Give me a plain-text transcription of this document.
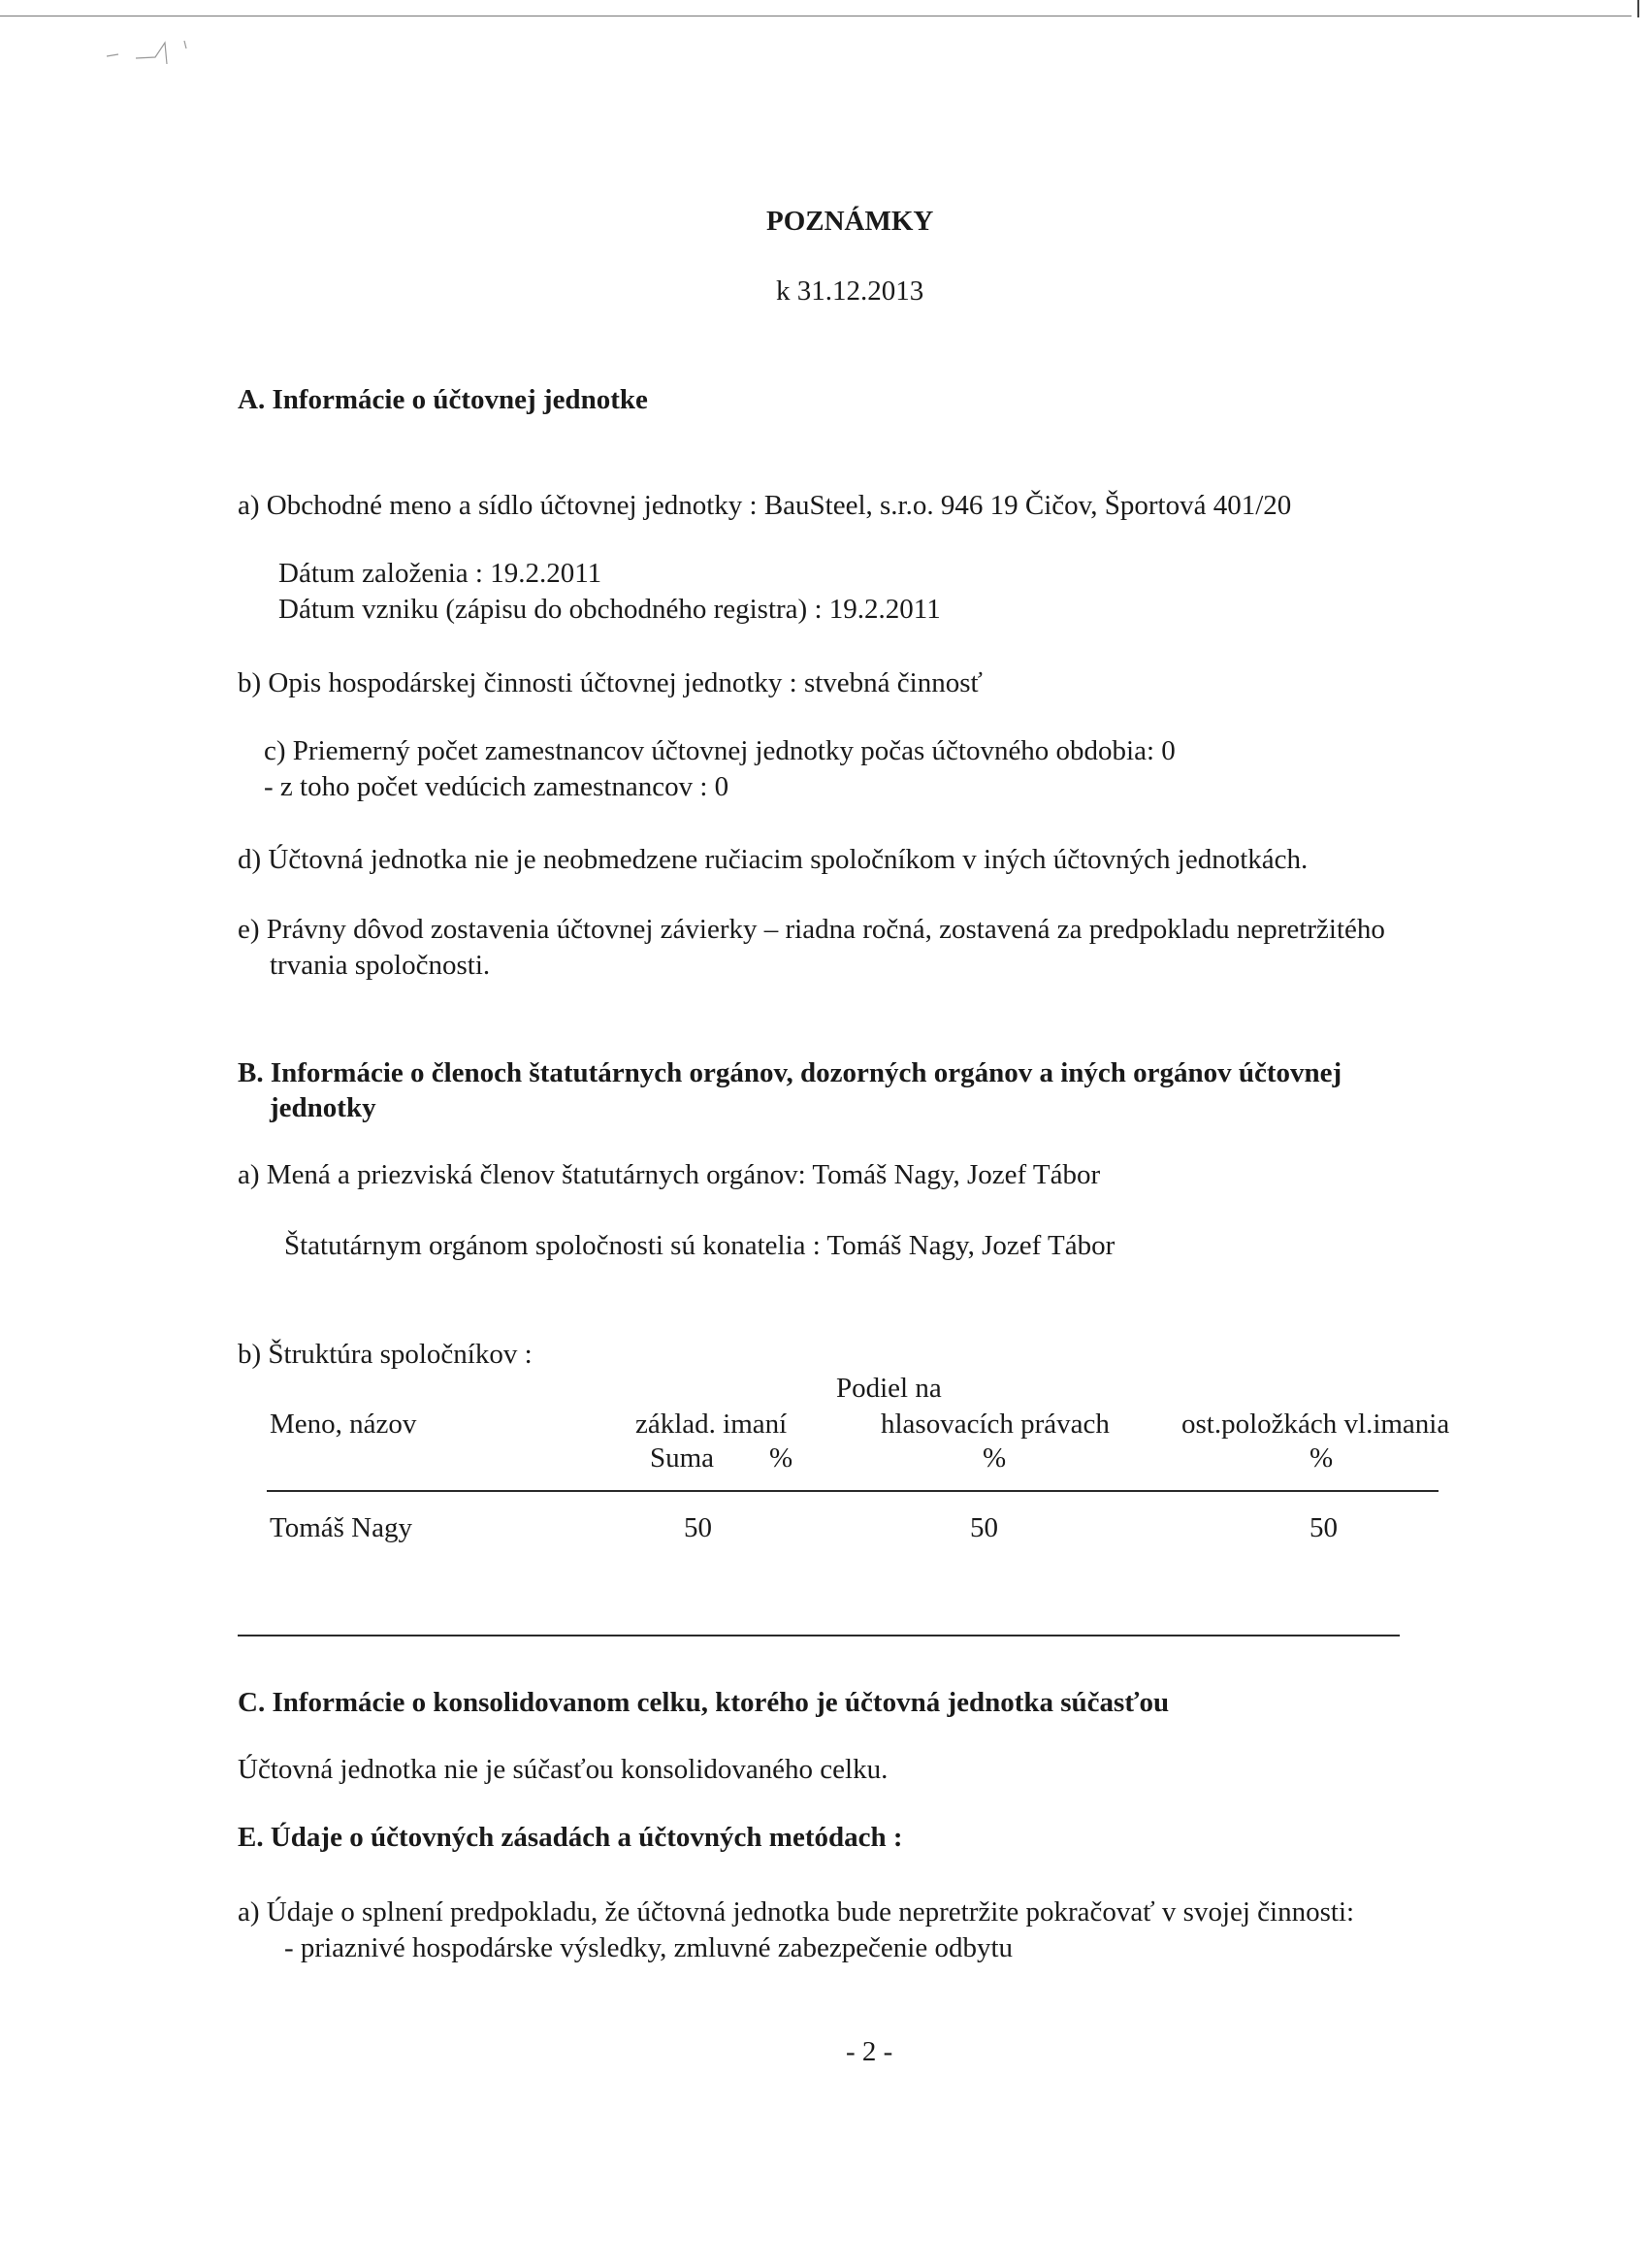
POZNÁMKY
k 31.12.2013
A. Informácie o účtovnej jednotke
a) Obchodné meno a sídlo účtovnej jednotky : BauSteel, s.r.o. 946 19 Čičov, Športová 401/20
Dátum založenia : 19.2.2011
Dátum vzniku (zápisu do obchodného registra) : 19.2.2011
b) Opis hospodárskej činnosti účtovnej jednotky : stvebná činnosť
c) Priemerný počet zamestnancov účtovnej jednotky počas účtovného obdobia: 0
- z toho počet vedúcich zamestnancov : 0
d) Účtovná jednotka nie je neobmedzene ručiacim spoločníkom v iných účtovných jednotkách.
e) Právny dôvod zostavenia účtovnej závierky – riadna ročná, zostavená za predpokladu nepretržitého
trvania spoločnosti.
B. Informácie o členoch štatutárnych orgánov, dozorných orgánov a iných orgánov účtovnej
jednotky
a) Mená a priezviská členov štatutárnych orgánov: Tomáš Nagy, Jozef Tábor
Štatutárnym orgánom spoločnosti sú konatelia : Tomáš Nagy, Jozef Tábor
b) Štruktúra spoločníkov :
Podiel na
Meno, názov	základ. imaní	hlasovacích právach	ost.položkách vl.imania
Suma %	%	%
Tomáš Nagy	50	50	50
C. Informácie o konsolidovanom celku, ktorého je účtovná jednotka súčasťou
Účtovná jednotka nie je súčasťou konsolidovaného celku.
E. Údaje o účtovných zásadách a účtovných metódach :
a) Údaje o splnení predpokladu, že účtovná jednotka bude nepretržite pokračovať v svojej činnosti:
- priaznivé hospodárske výsledky, zmluvné zabezpečenie odbytu
- 2 -
